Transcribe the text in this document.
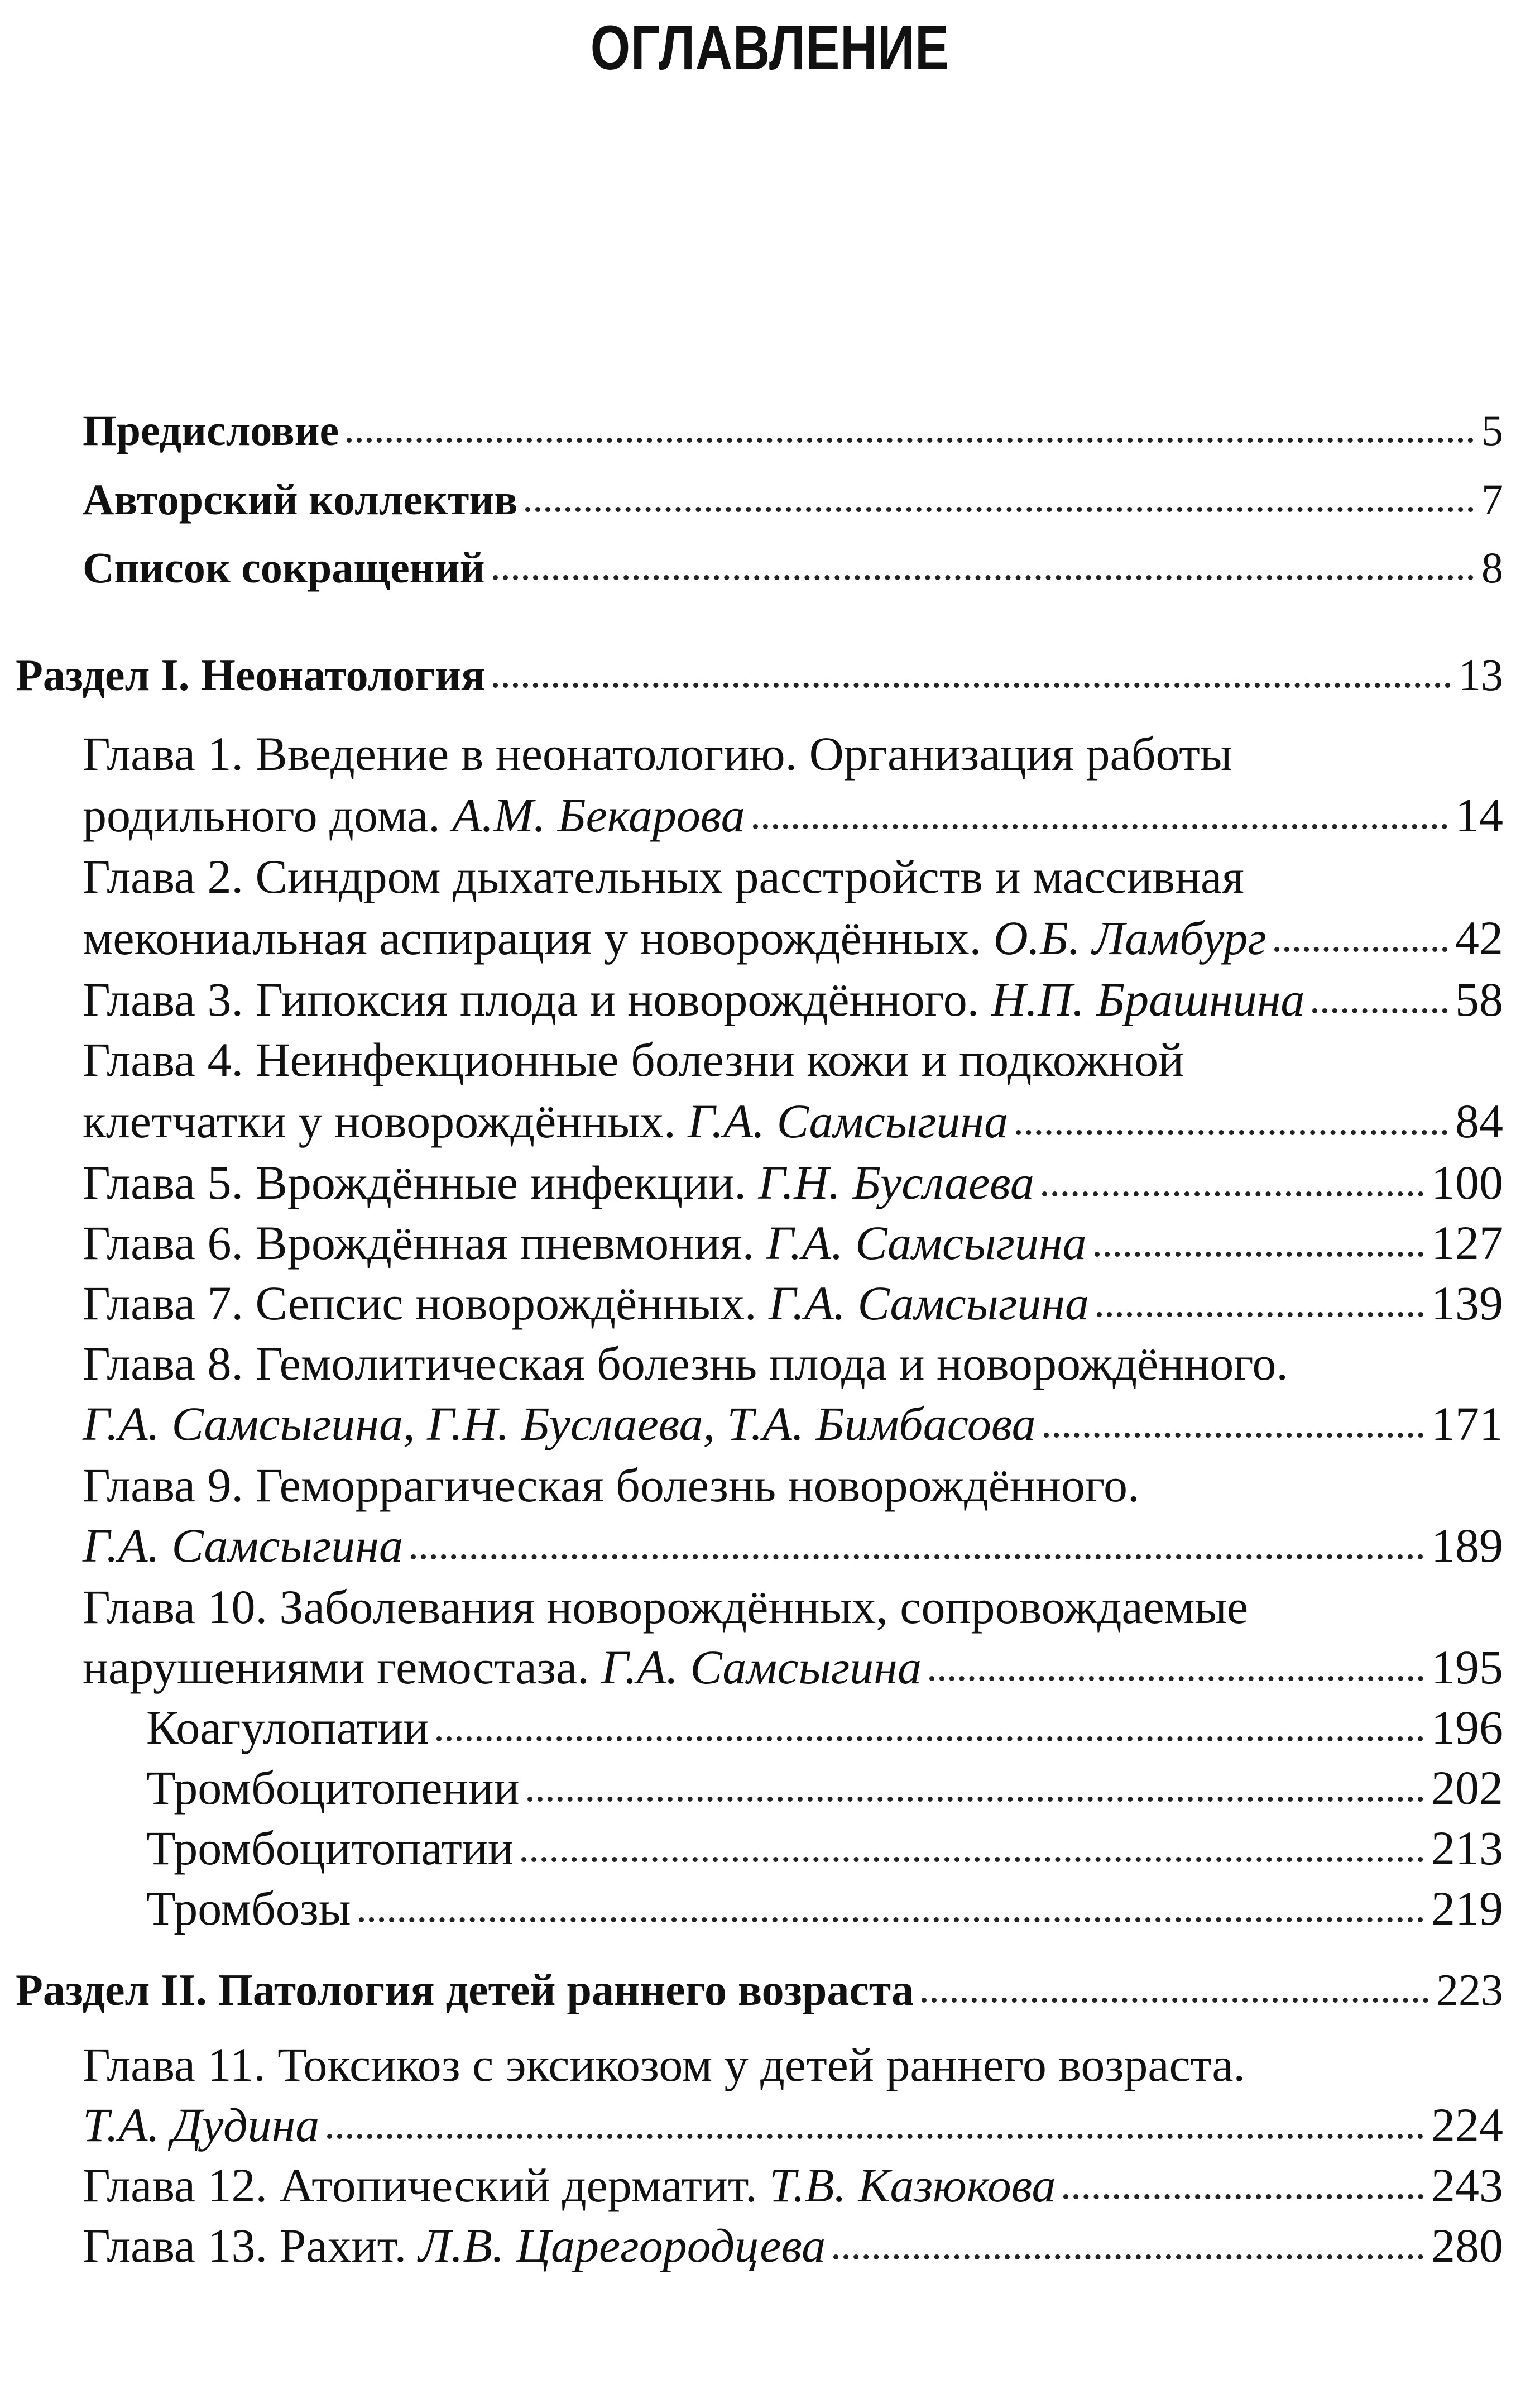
ОГЛАВЛЕНИЕ
Предисловие	5
Авторский коллектив	7
Список сокращений	8
Раздел I. Неонатология	13
Глава 1. Введение в неонатологию. Организация работы
родильного дома. А.М. Бекарова	14
Глава 2. Синдром дыхательных расстройств и массивная
мекониальная аспирация у новорождённых. О.Б. Ламбург	42
Глава 3. Гипоксия плода и новорождённого. Н.П. Брашнина	58
Глава 4. Неинфекционные болезни кожи и подкожной
клетчатки у новорождённых. Г.А. Самсыгина	84
Глава 5. Врождённые инфекции. Г.Н. Буслаева	100
Глава 6. Врождённая пневмония. Г.А. Самсыгина	127
Глава 7. Сепсис новорождённых. Г.А. Самсыгина	139
Глава 8. Гемолитическая болезнь плода и новорождённого.
Г.А. Самсыгина, Г.Н. Буслаева, Т.А. Бимбасова	171
Глава 9. Геморрагическая болезнь новорождённого.
Г.А. Самсыгина	189
Глава 10. Заболевания новорождённых, сопровождаемые
нарушениями гемостаза. Г.А. Самсыгина	195
Коагулопатии	196
Тромбоцитопении	202
Тромбоцитопатии	213
Тромбозы	219
Раздел II. Патология детей раннего возраста	223
Глава 11. Токсикоз с эксикозом у детей раннего возраста.
Т.А. Дудина	224
Глава 12. Атопический дерматит. Т.В. Казюкова	243
Глава 13. Рахит. Л.В. Царегородцева	280
